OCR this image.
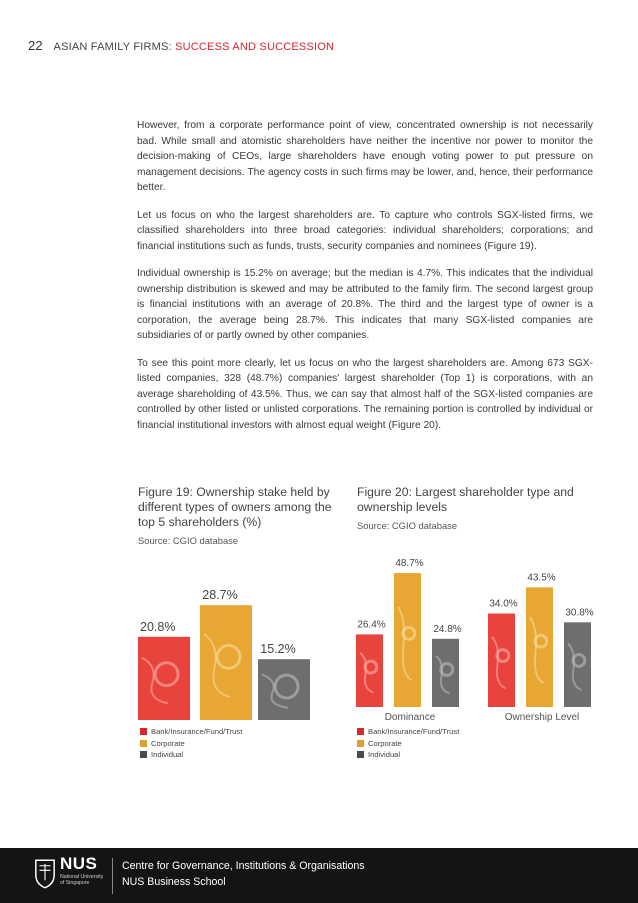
22 ASIAN FAMILY FIRMS: SUCCESS AND SUCCESSION

However, from a corporate performance point of view, concentrated ownership is not necessarily bad. While small and atomistic shareholders have neither the incentive nor power to monitor the decision-making of CEOs, large shareholders have enough voting power to put pressure on management decisions. The agency costs in such firms may be lower, and, hence, their performance better.

Let us focus on who the largest shareholders are. To capture who controls SGX-listed firms, we classified shareholders into three broad categories: individual shareholders; corporations; and financial institutions such as funds, trusts, security companies and nominees (Figure 19).

Individual ownership is 15.2% on average; but the median is 4.7%. This indicates that the individual ownership distribution is skewed and may be attributed to the family firm. The second largest group is financial institutions with an average of 20.8%. The third and the largest type of owner is a corporation, the average being 28.7%. This indicates that many SGX-listed companies are subsidiaries of or partly owned by other companies.

To see this point more clearly, let us focus on who the largest shareholders are. Among 673 SGX-listed companies, 328 (48.7%) companies' largest shareholder (Top 1) is corporations, with an average shareholding of 43.5%. Thus, we can say that almost half of the SGX-listed companies are controlled by other listed or unlisted corporations. The remaining portion is controlled by individual or financial institutional investors with almost equal weight (Figure 20).

Figure 19: Ownership stake held by different types of owners among the top 5 shareholders (%)

Source: CGIO database
20.8%
28.7%
15.2%
Bank/Insurance/Fund/Trust
Corporate
Individual

Figure 20: Largest shareholder type and ownership levels

Source: CGIO database
26.4%
48.7%
24.8%
Dominance
34.0%
43.5%
30.8%
Ownership Level
Bank/Insurance/Fund/Trust
Corporate
Individual
NUS
National University
of Singapore
Centre for Governance, Institutions & Organisations
NUS Business School
